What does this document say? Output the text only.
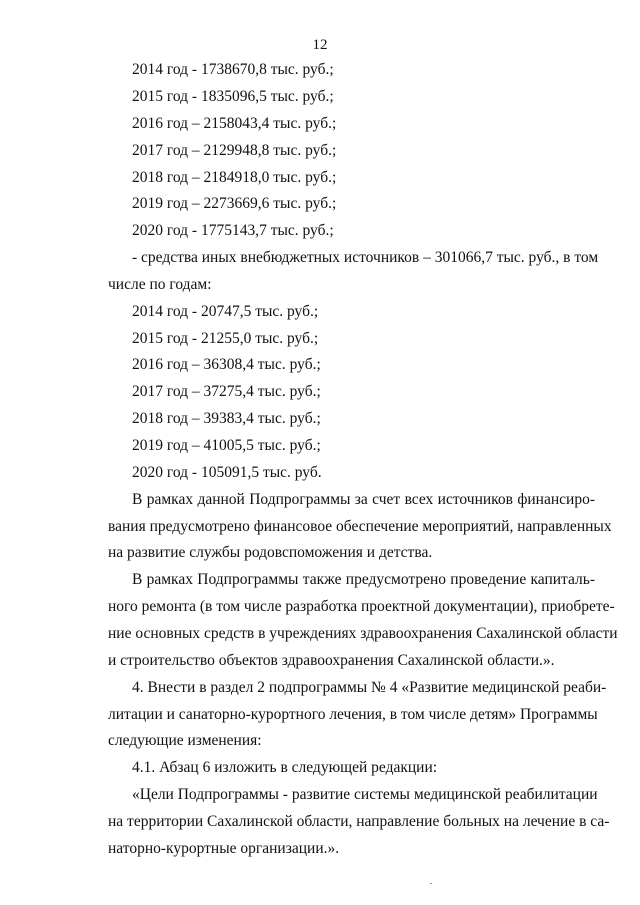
12
2014 год - 1738670,8 тыс. руб.;
2015 год - 1835096,5 тыс. руб.;
2016 год – 2158043,4 тыс. руб.;
2017 год – 2129948,8 тыс. руб.;
2018 год – 2184918,0 тыс. руб.;
2019 год – 2273669,6 тыс. руб.;
2020 год - 1775143,7 тыс. руб.;
- средства иных внебюджетных источников – 301066,7 тыс. руб., в том
числе по годам:
2014 год - 20747,5 тыс. руб.;
2015 год - 21255,0 тыс. руб.;
2016 год – 36308,4 тыс. руб.;
2017 год – 37275,4 тыс. руб.;
2018 год – 39383,4 тыс. руб.;
2019 год – 41005,5 тыс. руб.;
2020 год - 105091,5 тыс. руб.
В рамках данной Подпрограммы за счет всех источников финансиро-
вания предусмотрено финансовое обеспечение мероприятий, направленных
на развитие службы родовспоможения и детства.
В рамках Подпрограммы также предусмотрено проведение капиталь-
ного ремонта (в том числе разработка проектной документации), приобрете-
ние основных средств в учреждениях здравоохранения Сахалинской области
и строительство объектов здравоохранения Сахалинской области.».
4. Внести в раздел 2 подпрограммы № 4 «Развитие медицинской реаби-
литации и санаторно-курортного лечения, в том числе детям» Программы
следующие изменения:
4.1. Абзац 6 изложить в следующей редакции:
«Цели Подпрограммы - развитие системы медицинской реабилитации
на территории Сахалинской области, направление больных на лечение в са-
наторно-курортные организации.».
